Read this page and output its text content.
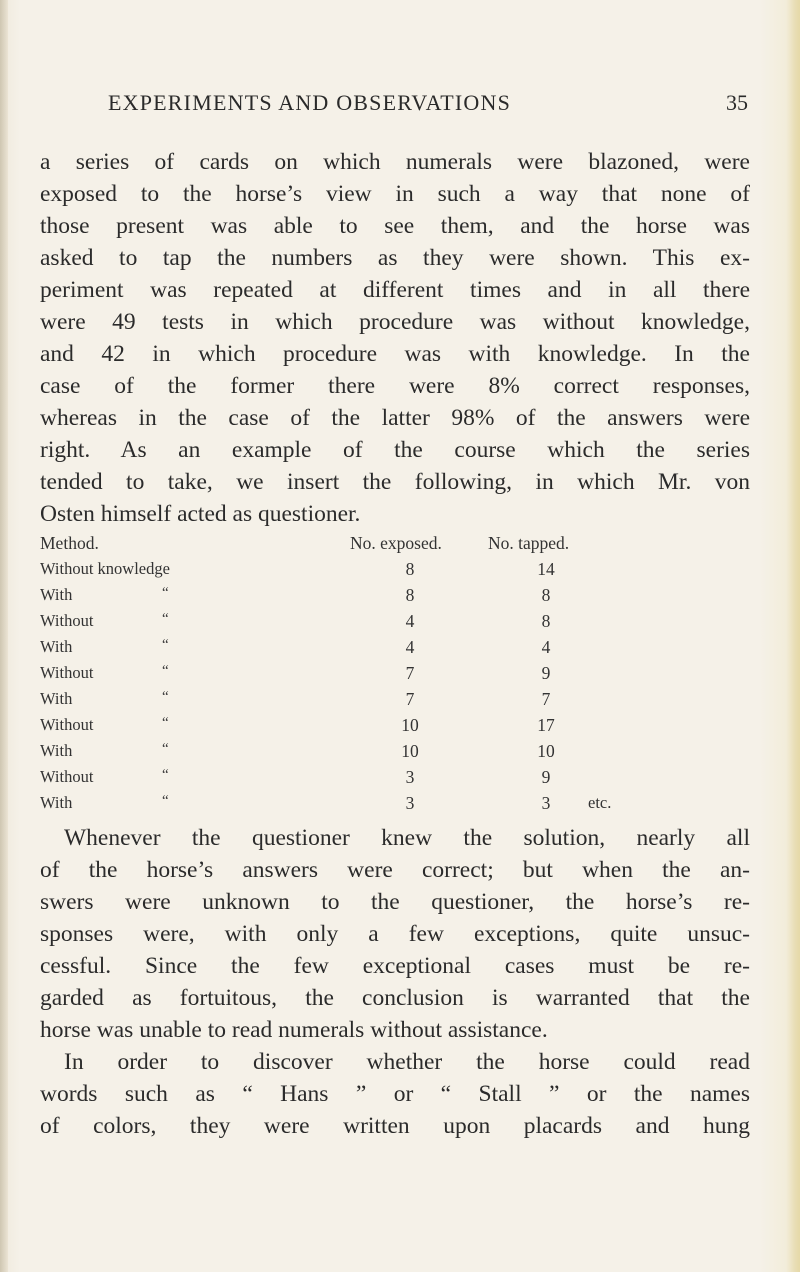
EXPERIMENTS AND OBSERVATIONS	35
a series of cards on which numerals were blazoned, were
exposed to the horse’s view in such a way that none of
those present was able to see them, and the horse was
asked to tap the numbers as they were shown. This ex-
periment was repeated at different times and in all there
were 49 tests in which procedure was without knowledge,
and 42 in which procedure was with knowledge. In the
case of the former there were 8% correct responses,
whereas in the case of the latter 98% of the answers were
right. As an example of the course which the series
tended to take, we insert the following, in which Mr. von
Osten himself acted as questioner.
Method.	No. exposed.	No. tapped.
Without knowledge	8	14
With	“	8	8
Without	“	4	8
With	“	4	4
Without	“	7	9
With	“	7	7
Without	“	10	17
With	“	10	10
Without	“	3	9
With	“	3	3	etc.
Whenever the questioner knew the solution, nearly all
of the horse’s answers were correct; but when the an-
swers were unknown to the questioner, the horse’s re-
sponses were, with only a few exceptions, quite unsuc-
cessful. Since the few exceptional cases must be re-
garded as fortuitous, the conclusion is warranted that the
horse was unable to read numerals without assistance.
In order to discover whether the horse could read
words such as “ Hans ” or “ Stall ” or the names
of colors, they were written upon placards and hung
